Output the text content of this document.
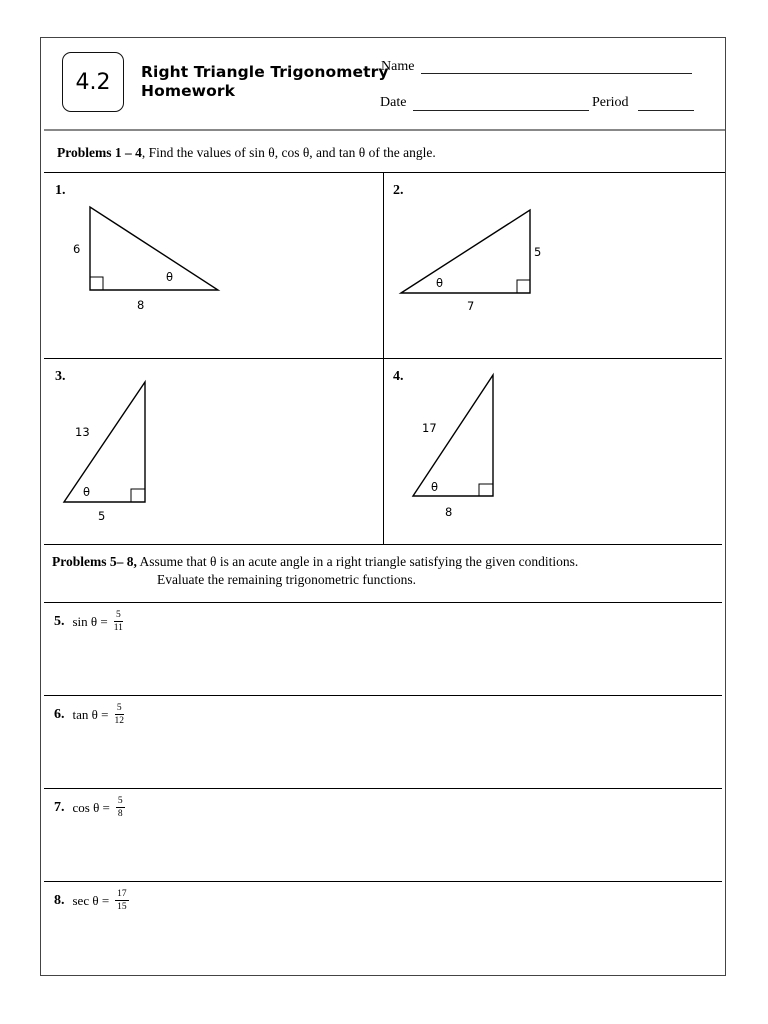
4.2 Right Triangle Trigonometry
Homework
Name
Date	Period
Problems 1 – 4, Find the values of sin θ, cos θ, and tan θ of the angle.
1.	2.
3.	4.
6
8
θ
5
7
θ
13
5
θ
17
8
θ
Problems 5– 8, Assume that θ is an acute angle in a right triangle satisfying the given conditions.
Evaluate the remaining trigonometric functions.
5. $\sin \theta = \frac{5}{11}$
6. $\tan \theta = \frac{5}{12}$
7. $\cos \theta = \frac{5}{8}$
8. $\sec \theta = \frac{17}{15}$
